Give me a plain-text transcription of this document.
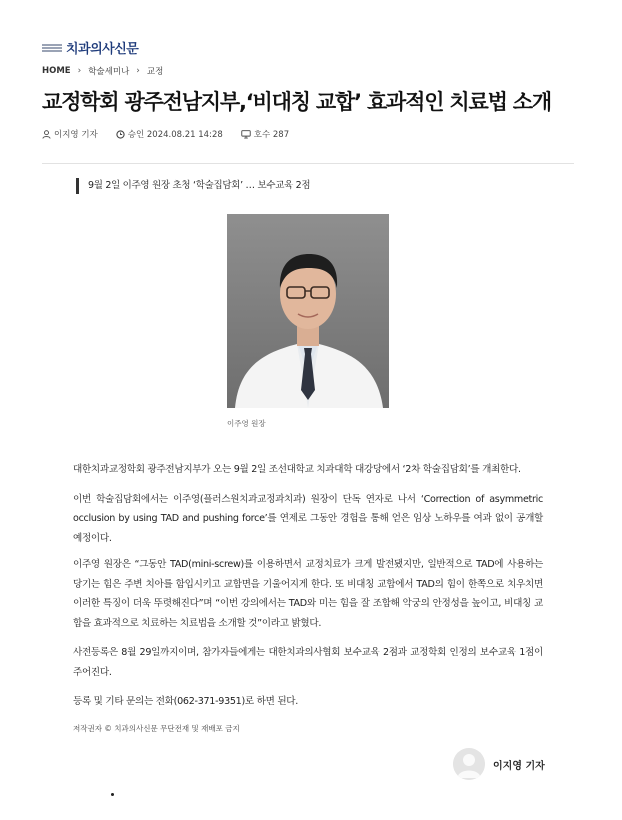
치과의사신문
HOME › 학술세미나 › 교정
교정학회 광주전남지부,‘비대칭 교합’ 효과적인 치료법 소개
이지영 기자	승인 2024.08.21 14:28	호수 287
9월 2일 이주영 원장 초청 ‘학술집담회’ … 보수교육 2점
이주영 원장

대한치과교정학회 광주전남지부가 오는 9월 2일 조선대학교 치과대학 대강당에서 ‘2차 학술집담회’를 개최한다.

이번 학술집담회에서는 이주영(플러스원치과교정과치과) 원장이 단독 연자로 나서 ‘Correction of asymmetric occlusion by using TAD and pushing force’를 연제로 그동안 경험을 통해 얻은 임상 노하우를 여과 없이 공개할 예정이다.

이주영 원장은 “그동안 TAD(mini-screw)를 이용하면서 교정치료가 크게 발전됐지만, 일반적으로 TAD에 사용하는 당기는 힘은 주변 치아를 함입시키고 교합면을 기울어지게 한다. 또 비대칭 교합에서 TAD의 힘이 한쪽으로 치우치면 이러한 특징이 더욱 뚜렷해진다”며 “이번 강의에서는 TAD와 미는 힘을 잘 조합해 악궁의 안정성을 높이고, 비대칭 교합을 효과적으로 치료하는 치료법을 소개할 것”이라고 밝혔다.

사전등록은 8월 29일까지이며, 참가자들에게는 대한치과의사협회 보수교육 2점과 교정학회 인정의 보수교육 1점이 주어진다.

등록 및 기타 문의는 전화(062-371-9351)로 하면 된다.

저작권자 © 치과의사신문 무단전재 및 재배포 금지
이지영 기자
